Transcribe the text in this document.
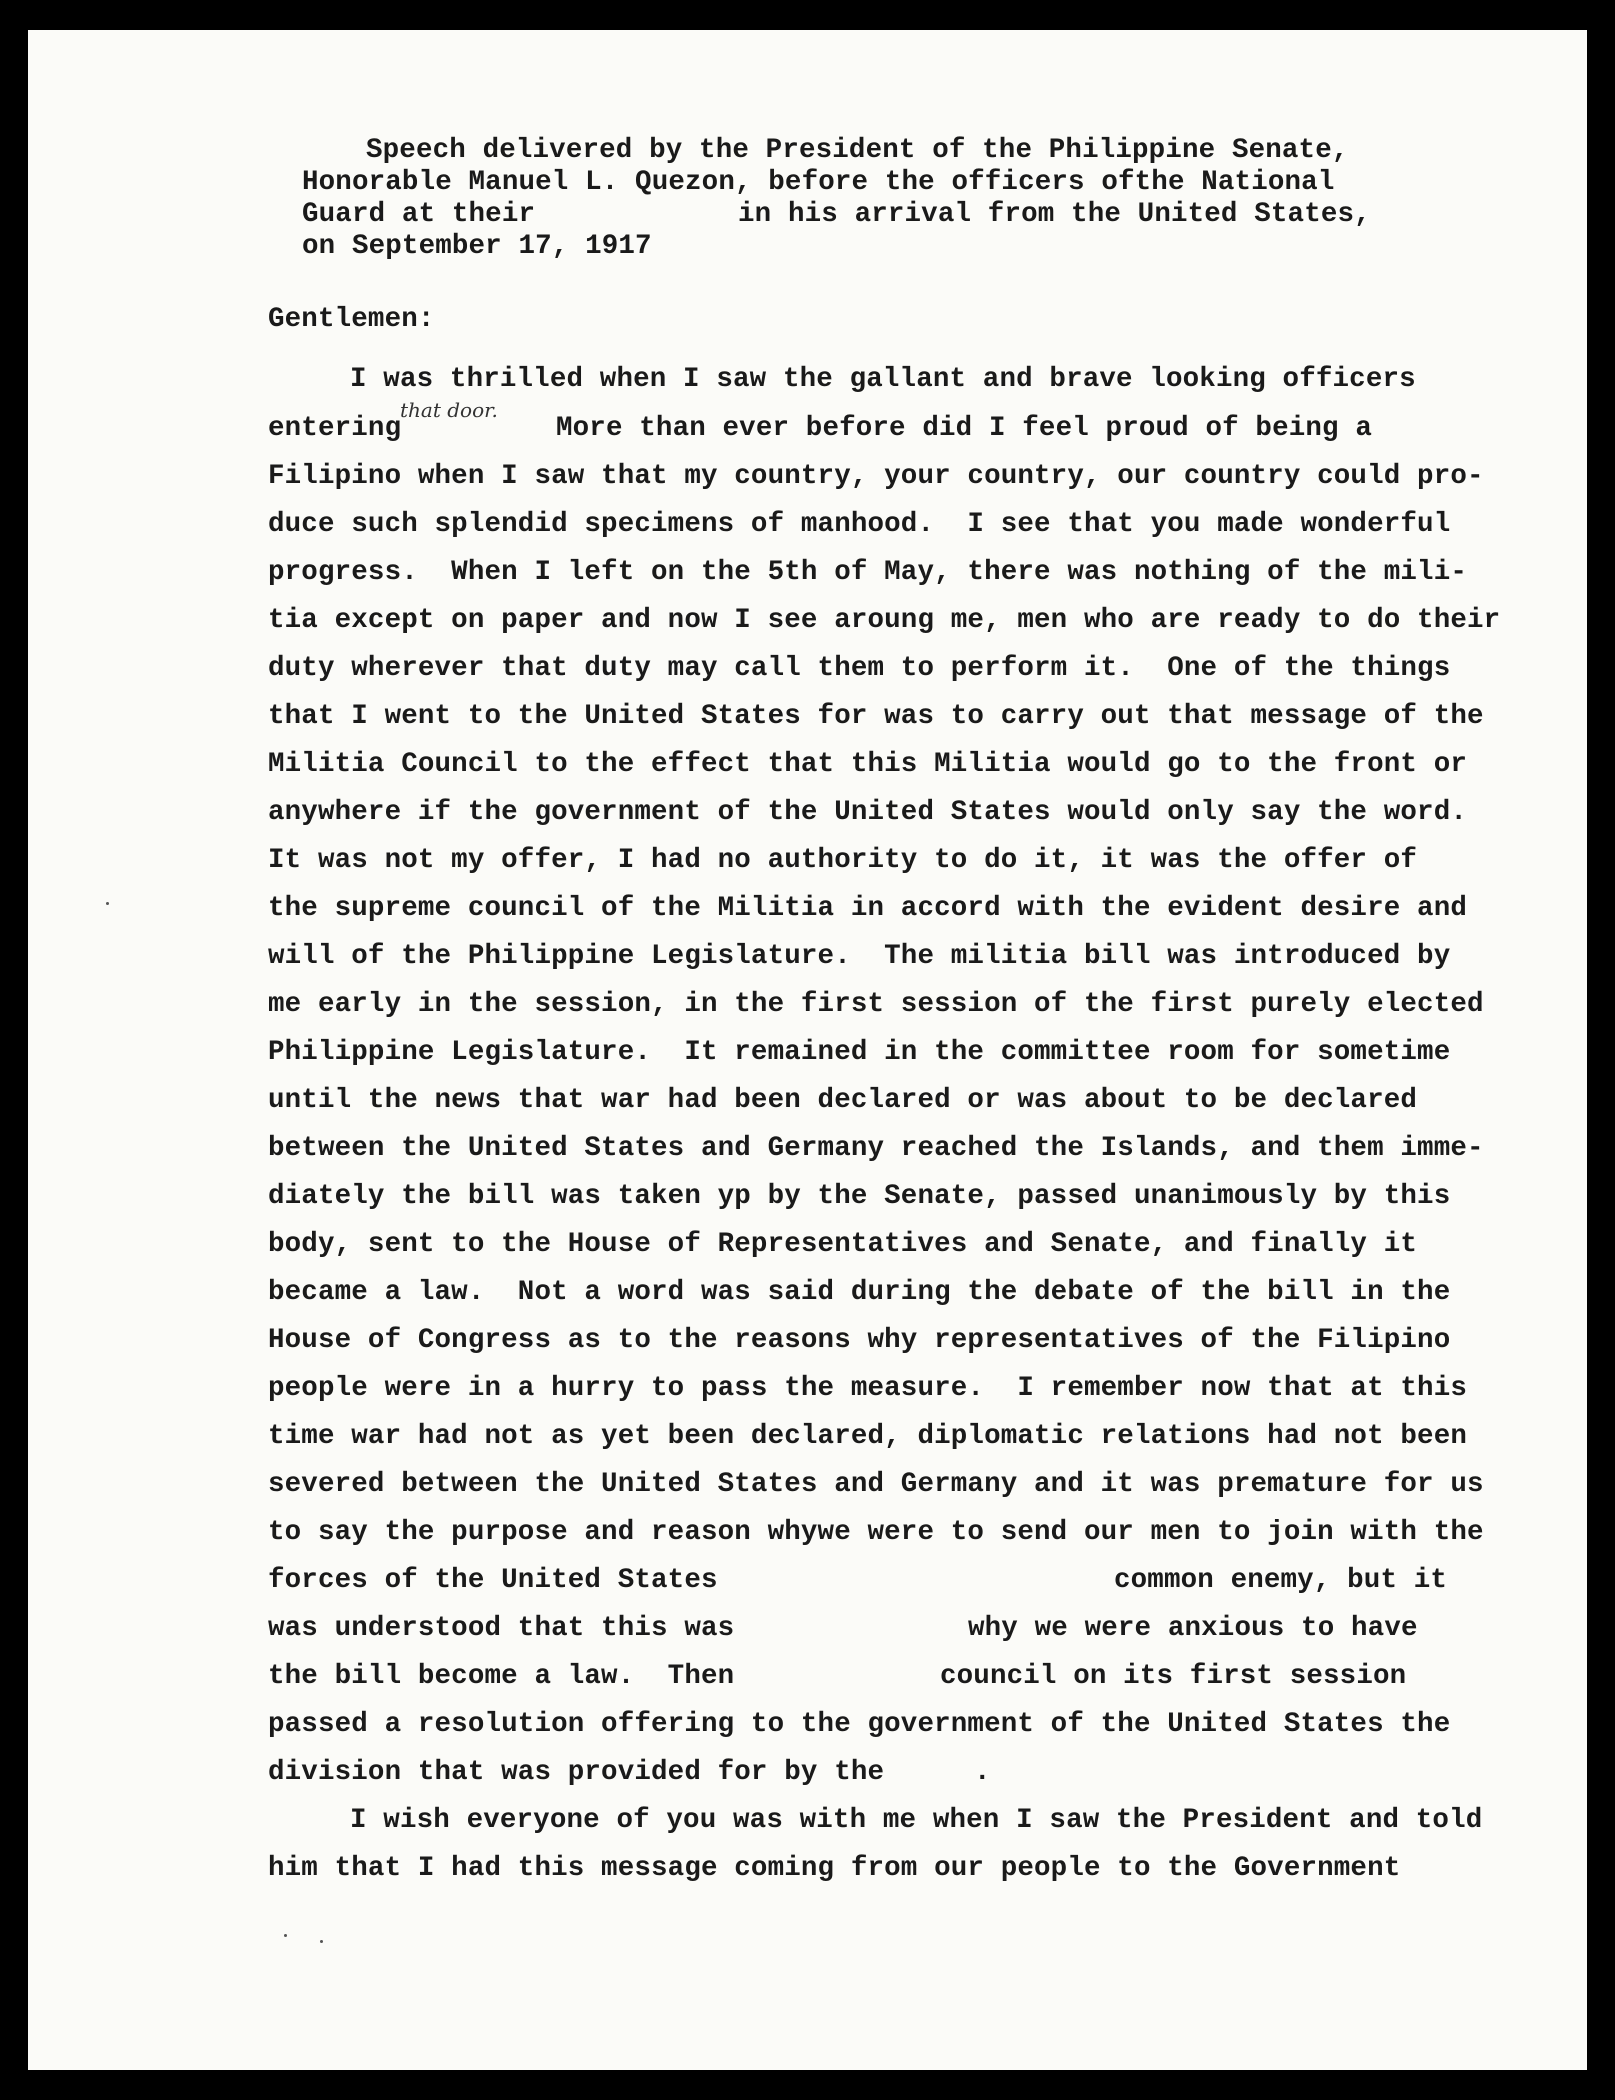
Speech delivered by the President of the Philippine Senate,
Honorable Manuel L. Quezon, before the officers ofthe National
Guard at their	in his arrival from the United States,
on September 17, 1917
Gentlemen:
I was thrilled when I saw the gallant and brave looking officers
entering
that door.
More than ever before did I feel proud of being a
Filipino when I saw that my country, your country, our country could pro-
duce such splendid specimens of manhood.  I see that you made wonderful
progress.  When I left on the 5th of May, there was nothing of the mili-
tia except on paper and now I see aroung me, men who are ready to do their
duty wherever that duty may call them to perform it.  One of the things
that I went to the United States for was to carry out that message of the
Militia Council to the effect that this Militia would go to the front or
anywhere if the government of the United States would only say the word.
It was not my offer, I had no authority to do it, it was the offer of
the supreme council of the Militia in accord with the evident desire and
will of the Philippine Legislature.  The militia bill was introduced by
me early in the session, in the first session of the first purely elected
Philippine Legislature.  It remained in the committee room for sometime
until the news that war had been declared or was about to be declared
between the United States and Germany reached the Islands, and them imme-
diately the bill was taken yp by the Senate, passed unanimously by this
body, sent to the House of Representatives and Senate, and finally it
became a law.  Not a word was said during the debate of the bill in the
House of Congress as to the reasons why representatives of the Filipino
people were in a hurry to pass the measure.  I remember now that at this
time war had not as yet been declared, diplomatic relations had not been
severed between the United States and Germany and it was premature for us
to say the purpose and reason whywe were to send our men to join with the
forces of the United States	common enemy, but it
was understood that this was	why we were anxious to have
the bill become a law.  Then	council on its first session
passed a resolution offering to the government of the United States the
division that was provided for by the	.
I wish everyone of you was with me when I saw the President and told
him that I had this message coming from our people to the Government
